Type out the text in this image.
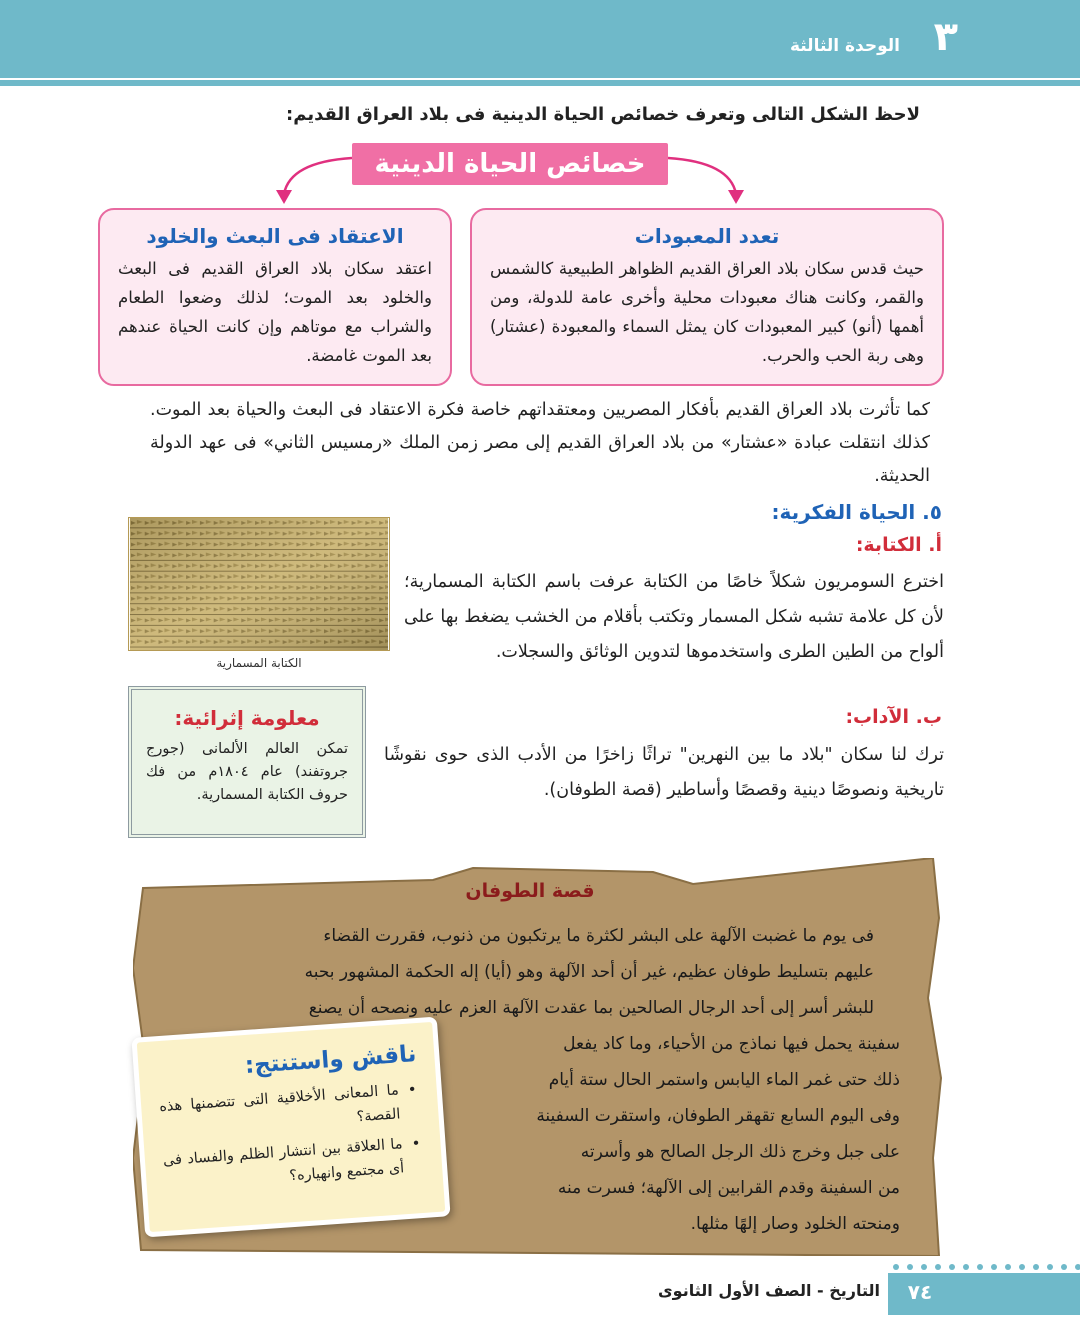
٣
الوحدة الثالثة
لاحظ الشكل التالى وتعرف خصائص الحياة الدينية فى بلاد العراق القديم:
خصائص الحياة الدينية
تعدد المعبودات
حيث قدس سكان بلاد العراق القديم الظواهر الطبيعية كالشمس والقمر، وكانت هناك معبودات محلية وأخرى عامة للدولة، ومن أهمها (أنو) كبير المعبودات كان يمثل السماء والمعبودة (عشتار) وهى ربة الحب والحرب.
الاعتقاد فى البعث والخلود
اعتقد سكان بلاد العراق القديم فى البعث والخلود بعد الموت؛ لذلك وضعوا الطعام والشراب مع موتاهم وإن كانت الحياة عندهم بعد الموت غامضة.
كما تأثرت بلاد العراق القديم بأفكار المصريين ومعتقداتهم خاصة فكرة الاعتقاد فى البعث والحياة بعد الموت. كذلك انتقلت عبادة «عشتار» من بلاد العراق القديم إلى مصر زمن الملك «رمسيس الثاني» فى عهد الدولة الحديثة.
٥. الحياة الفكرية:
أ. الكتابة:
اخترع السومريون شكلاً خاصًا من الكتابة عرفت باسم الكتابة المسمارية؛ لأن كل علامة تشبه شكل المسمار وتكتب بأقلام من الخشب يضغط بها على ألواح من الطين الطرى واستخدموها لتدوين الوثائق والسجلات.
ب. الآداب:
ترك لنا سكان "بلاد ما بين النهرين" تراثًا زاخرًا من الأدب الذى حوى نقوشًا تاريخية ونصوصًا دينية وقصصًا وأساطير (قصة الطوفان).
الكتابة المسمارية
معلومة إثرائية:
تمكن العالم الألمانى (جورج جروتفند) عام ١٨٠٤م من فك حروف الكتابة المسمارية.
قصة الطوفان
فى يوم ما غضبت الآلهة على البشر لكثرة ما يرتكبون من ذنوب، فقررت القضاء
عليهم بتسليط طوفان عظيم، غير أن أحد الآلهة وهو (أيا) إله الحكمة المشهور بحبه
للبشر أسر إلى أحد الرجال الصالحين بما عقدت الآلهة العزم عليه ونصحه أن يصنع
سفينة يحمل فيها نماذج من الأحياء، وما كاد يفعل
ذلك حتى غمر الماء اليابس واستمر الحال ستة أيام
وفى اليوم السابع تقهقر الطوفان، واستقرت السفينة
على جبل وخرج ذلك الرجل الصالح هو وأسرته
من السفينة وقدم القرابين إلى الآلهة؛ فسرت منه
ومنحته الخلود وصار إلهًا مثلها.
ناقش واستنتج:
• ما المعانى الأخلاقية التى تتضمنها هذه القصة؟
• ما العلاقة بين انتشار الظلم والفساد فى أى مجتمع وانهياره؟
٧٤
التاريخ - الصف الأول الثانوى
